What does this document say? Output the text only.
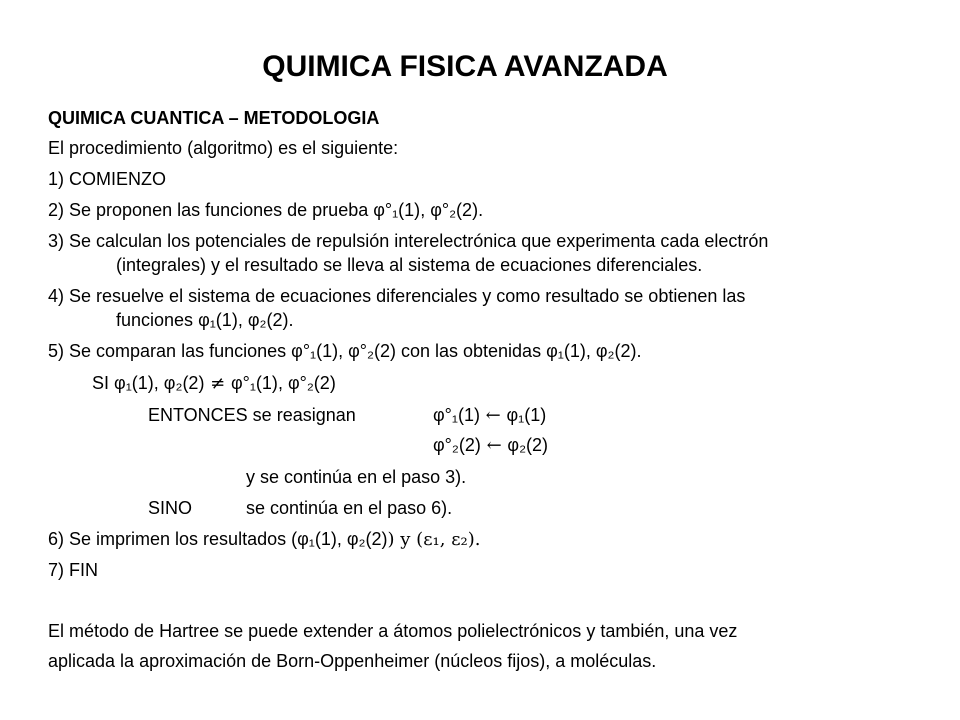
QUIMICA FISICA AVANZADA
QUIMICA CUANTICA – METODOLOGIA
El procedimiento (algoritmo) es el siguiente:
1) COMIENZO
2) Se proponen las funciones de prueba φ°₁(1), φ°₂(2).
3) Se calculan los potenciales de repulsión interelectrónica que experimenta cada electrón
(integrales) y el resultado se lleva al sistema de ecuaciones diferenciales.
4) Se resuelve el sistema de ecuaciones diferenciales y como resultado se obtienen las
funciones φ₁(1), φ₂(2).
5) Se comparan las funciones φ°₁(1), φ°₂(2) con las obtenidas φ₁(1), φ₂(2).
SI φ₁(1), φ₂(2) ≠ φ°₁(1), φ°₂(2)
ENTONCES se reasignan	φ°₁(1) ← φ₁(1)
φ°₂(2) ← φ₂(2)
y se continúa en el paso 3).
SINO	se continúa en el paso 6).
6) Se imprimen los resultados (φ₁(1), φ₂(2)) y (ε₁, ε₂).
7) FIN
El método de Hartree se puede extender a átomos polielectrónicos y también, una vez
aplicada la aproximación de Born-Oppenheimer (núcleos fijos), a moléculas.
